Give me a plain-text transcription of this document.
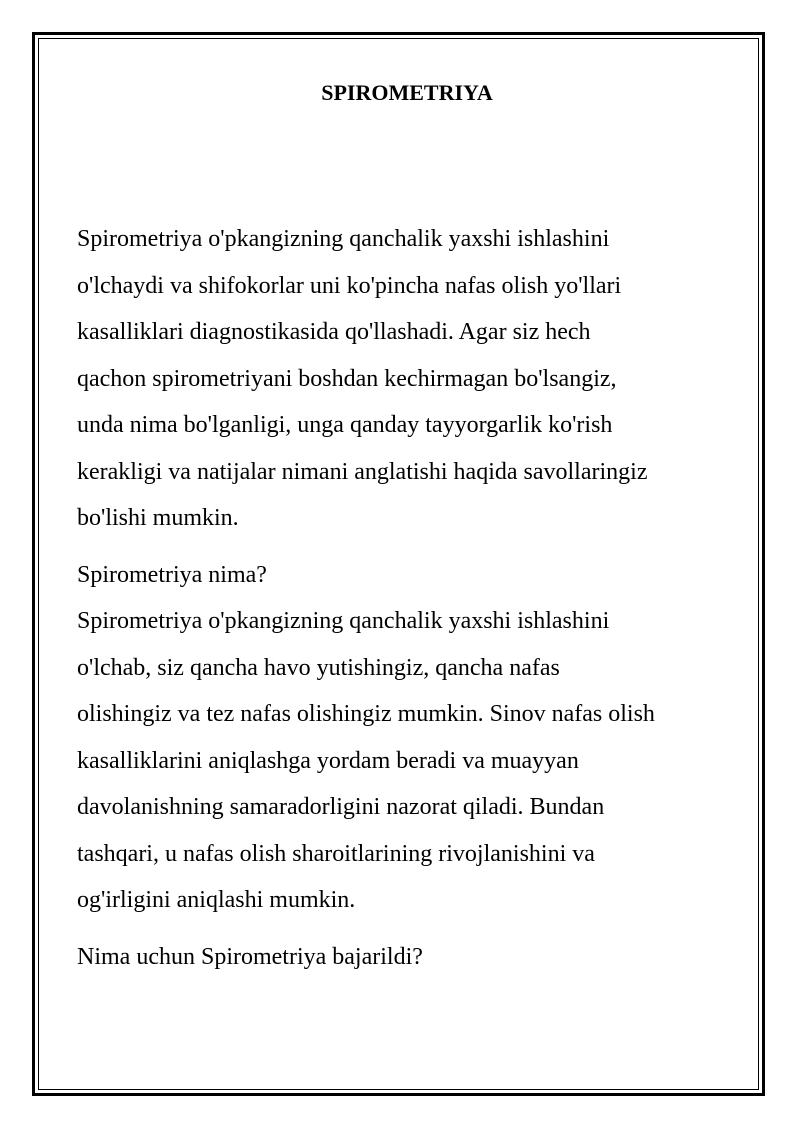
SPIROMETRIYA

Spirometriya o'pkangizning qanchalik yaxshi ishlashini
o'lchaydi va shifokorlar uni ko'pincha nafas olish yo'llari
kasalliklari diagnostikasida qo'llashadi. Agar siz hech
qachon spirometriyani boshdan kechirmagan bo'lsangiz,
unda nima bo'lganligi, unga qanday tayyorgarlik ko'rish
kerakligi va natijalar nimani anglatishi haqida savollaringiz
bo'lishi mumkin.

Spirometriya nima?
Spirometriya o'pkangizning qanchalik yaxshi ishlashini
o'lchab, siz qancha havo yutishingiz, qancha nafas
olishingiz va tez nafas olishingiz mumkin. Sinov nafas olish
kasalliklarini aniqlashga yordam beradi va muayyan
davolanishning samaradorligini nazorat qiladi. Bundan
tashqari, u nafas olish sharoitlarining rivojlanishini va
og'irligini aniqlashi mumkin.

Nima uchun Spirometriya bajarildi?
